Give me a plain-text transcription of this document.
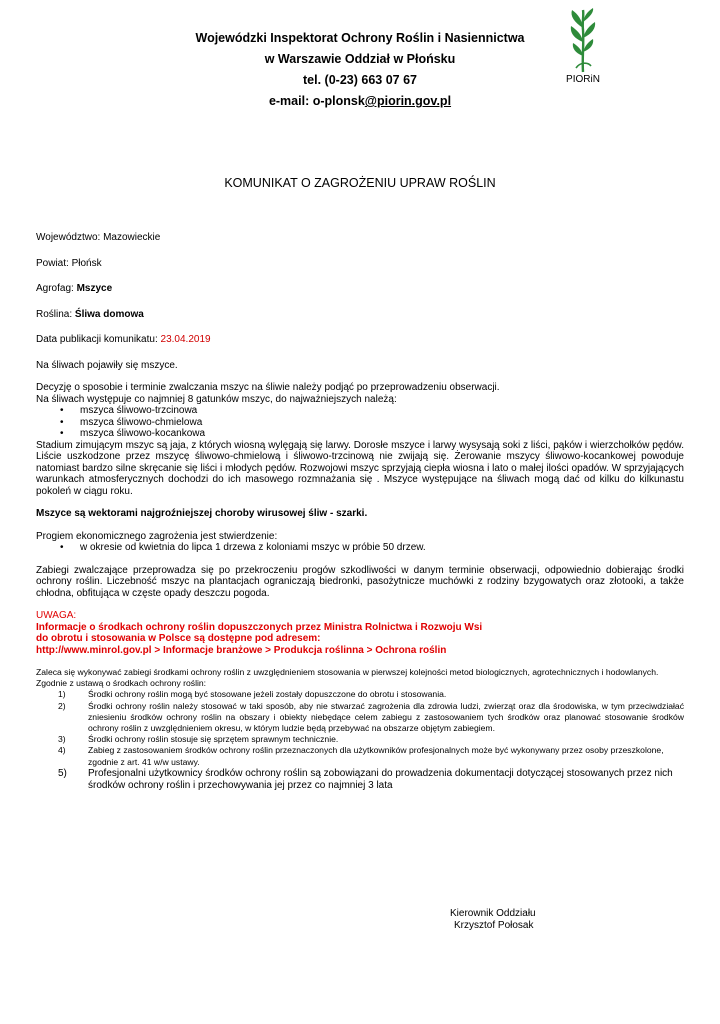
Wojewódzki Inspektorat Ochrony Roślin i Nasiennictwa
w Warszawie Oddział w Płońsku
tel. (0-23) 663 07 67
e-mail: o-plonsk@piorin.gov.pl
PIORiN
KOMUNIKAT O ZAGROŻENIU UPRAW ROŚLIN
Województwo: Mazowieckie
Powiat: Płońsk
Agrofag: Mszyce
Roślina: Śliwa domowa
Data publikacji komunikatu: 23.04.2019

Na śliwach pojawiły się mszyce.

Decyzję o sposobie i terminie zwalczania mszyc na śliwie należy podjąć po przeprowadzeniu obserwacji.

Na śliwach występuje co najmniej 8 gatunków mszyc, do najważniejszych należą:

• mszyca śliwowo-trzcinowa
• mszyca śliwowo-chmielowa
• mszyca śliwowo-kocankowa

Stadium zimującym mszyc są jaja, z których wiosną wylęgają się larwy. Dorosłe mszyce i larwy wysysają soki z liści, pąków i wierzchołków pędów. Liście uszkodzone przez mszycę śliwowo-chmielową i śliwowo-trzcinową nie zwijają się. Żerowanie mszycy śliwowo-kocankowej powoduje natomiast bardzo silne skręcanie się liści i młodych pędów. Rozwojowi mszyc sprzyjają ciepła wiosna i lato o małej ilości opadów. W sprzyjających warunkach atmosferycznych dochodzi do ich masowego rozmnażania się . Mszyce występujące na śliwach mogą dać od kilku do kilkunastu pokoleń w ciągu roku.

Mszyce są wektorami najgroźniejszej choroby wirusowej śliw - szarki.

Progiem ekonomicznego zagrożenia jest stwierdzenie:

• w okresie od kwietnia do lipca 1 drzewa z koloniami mszyc w próbie 50 drzew.

Zabiegi zwalczające przeprowadza się po przekroczeniu progów szkodliwości w danym terminie obserwacji, odpowiednio dobierając środki ochrony roślin. Liczebność mszyc na plantacjach ograniczają biedronki, pasożytnicze muchówki z rodziny bzygowatych oraz złotooki, a także chłodna, obfitująca w częste opady deszczu pogoda.

UWAGA:
Informacje o środkach ochrony roślin dopuszczonych przez Ministra Rolnictwa i Rozwoju Wsi
do obrotu i stosowania w Polsce są dostępne pod adresem:
http://www.minrol.gov.pl > Informacje branżowe > Produkcja roślinna > Ochrona roślin

Zaleca się wykonywać zabiegi środkami ochrony roślin z uwzględnieniem stosowania w pierwszej kolejności metod biologicznych, agrotechnicznych i hodowlanych.

Zgodnie z ustawą o środkach ochrony roślin:

1)	Środki ochrony roślin mogą być stosowane jeżeli zostały dopuszczone do obrotu i stosowania.
2)	Środki ochrony roślin należy stosować w taki sposób, aby nie stwarzać zagrożenia dla zdrowia ludzi, zwierząt oraz dla środowiska, w tym przeciwdziałać zniesieniu środków ochrony roślin na obszary i obiekty niebędące celem zabiegu z zastosowaniem tych środków oraz planować stosowanie środków ochrony roślin z uwzględnieniem okresu, w którym ludzie będą przebywać na obszarze objętym zabiegiem.
3)	Środki ochrony roślin stosuje się sprzętem sprawnym technicznie.
4)	Zabieg z zastosowaniem środków ochrony roślin przeznaczonych dla użytkowników profesjonalnych może być wykonywany przez osoby przeszkolone, zgodnie z art. 41 w/w ustawy.
5) Profesjonalni użytkownicy środków ochrony roślin są zobowiązani do prowadzenia dokumentacji dotyczącej stosowanych przez nich środków ochrony roślin i przechowywania jej przez co najmniej 3 lata
Kierownik Oddziału
Krzysztof Połosak
